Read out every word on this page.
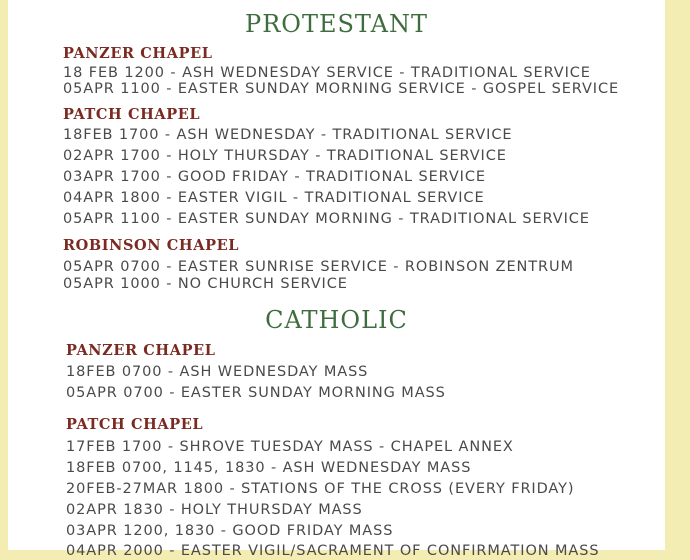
PROTESTANT
PANZER CHAPEL
18 FEB 1200 - ASH WEDNESDAY SERVICE - TRADITIONAL SERVICE
05APR 1100 - EASTER SUNDAY MORNING SERVICE - GOSPEL SERVICE
PATCH CHAPEL
18FEB 1700 - ASH WEDNESDAY - TRADITIONAL SERVICE
02APR 1700 - HOLY THURSDAY - TRADITIONAL SERVICE
03APR 1700 - GOOD FRIDAY - TRADITIONAL SERVICE
04APR 1800 - EASTER VIGIL - TRADITIONAL SERVICE
05APR 1100 - EASTER SUNDAY MORNING - TRADITIONAL SERVICE
ROBINSON CHAPEL
05APR 0700 - EASTER SUNRISE SERVICE - ROBINSON ZENTRUM
05APR 1000 - NO CHURCH SERVICE
CATHOLIC
PANZER CHAPEL
18FEB 0700 - ASH WEDNESDAY MASS
05APR 0700 - EASTER SUNDAY MORNING MASS
PATCH CHAPEL
17FEB 1700 - SHROVE TUESDAY MASS - CHAPEL ANNEX
18FEB 0700, 1145, 1830 - ASH WEDNESDAY MASS
20FEB-27MAR 1800 - STATIONS OF THE CROSS (EVERY FRIDAY)
02APR 1830 - HOLY THURSDAY MASS
03APR 1200, 1830 - GOOD FRIDAY MASS
04APR 2000 - EASTER VIGIL/SACRAMENT OF CONFIRMATION MASS
